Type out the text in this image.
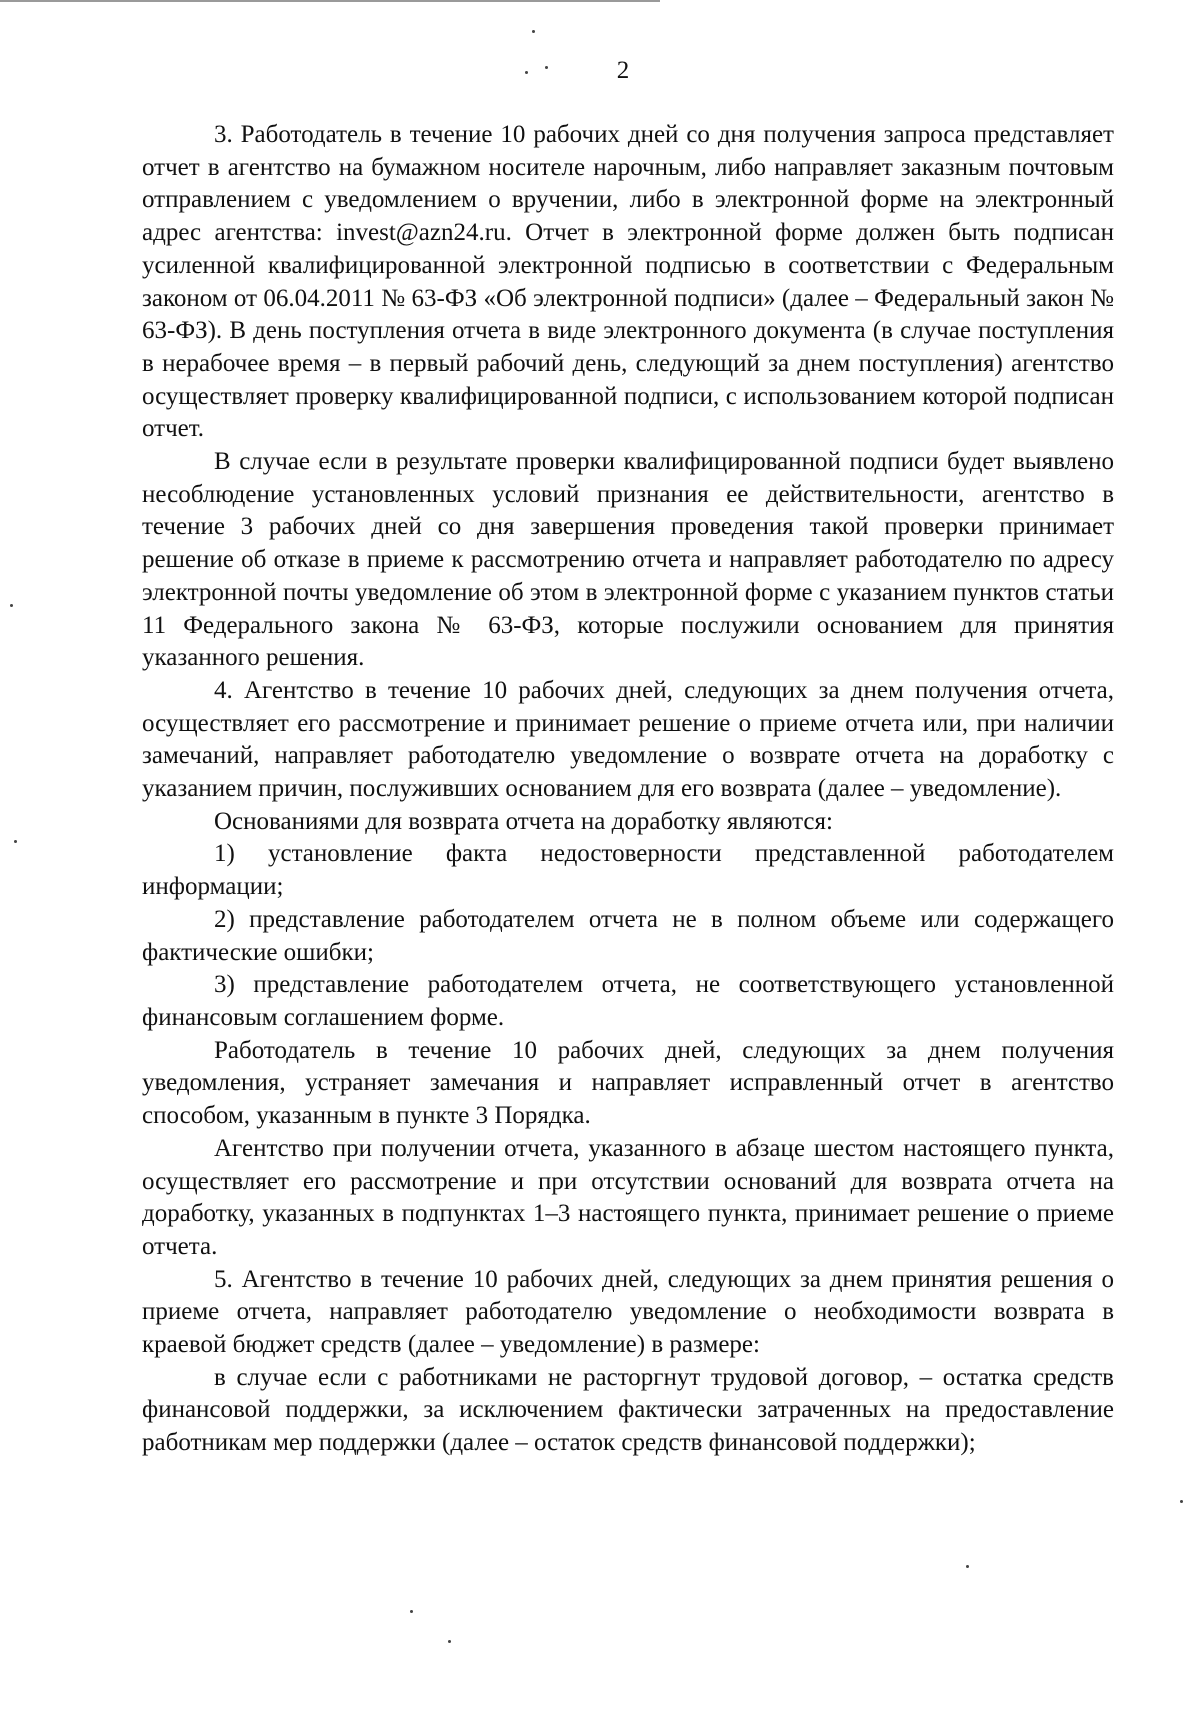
2

3. Работодатель в течение 10 рабочих дней со дня получения запроса представляет отчет в агентство на бумажном носителе нарочным, либо направляет заказным почтовым отправлением с уведомлением о вручении, либо в электронной форме на электронный адрес агентства: invest@azn24.ru. Отчет в электронной форме должен быть подписан усиленной квалифицированной электронной подписью в соответствии с Федеральным законом от 06.04.2011 № 63-ФЗ «Об электронной подписи» (далее – Федеральный закон № 63-ФЗ). В день поступления отчета в виде электронного документа (в случае поступления в нерабочее время – в первый рабочий день, следующий за днем поступления) агентство осуществляет проверку квалифицированной подписи, с использованием которой подписан отчет.

В случае если в результате проверки квалифицированной подписи будет выявлено несоблюдение установленных условий признания ее действительности, агентство в течение 3 рабочих дней со дня завершения проведения такой проверки принимает решение об отказе в приеме к рассмотрению отчета и направляет работодателю по адресу электронной почты уведомление об этом в электронной форме с указанием пунктов статьи 11 Федерального закона № 63-ФЗ, которые послужили основанием для принятия указанного решения.

4. Агентство в течение 10 рабочих дней, следующих за днем получения отчета, осуществляет его рассмотрение и принимает решение о приеме отчета или, при наличии замечаний, направляет работодателю уведомление о возврате отчета на доработку с указанием причин, послуживших основанием для его возврата (далее – уведомление).

Основаниями для возврата отчета на доработку являются:

1) установление факта недостоверности представленной работодателем информации;

2) представление работодателем отчета не в полном объеме или содержащего фактические ошибки;

3) представление работодателем отчета, не соответствующего установленной финансовым соглашением форме.

Работодатель в течение 10 рабочих дней, следующих за днем получения уведомления, устраняет замечания и направляет исправленный отчет в агентство способом, указанным в пункте 3 Порядка.

Агентство при получении отчета, указанного в абзаце шестом настоящего пункта, осуществляет его рассмотрение и при отсутствии оснований для возврата отчета на доработку, указанных в подпунктах 1–3 настоящего пункта, принимает решение о приеме отчета.

5. Агентство в течение 10 рабочих дней, следующих за днем принятия решения о приеме отчета, направляет работодателю уведомление о необходимости возврата в краевой бюджет средств (далее – уведомление) в размере:

в случае если с работниками не расторгнут трудовой договор, – остатка средств финансовой поддержки, за исключением фактически затраченных на предоставление работникам мер поддержки (далее – остаток средств финансовой поддержки);
